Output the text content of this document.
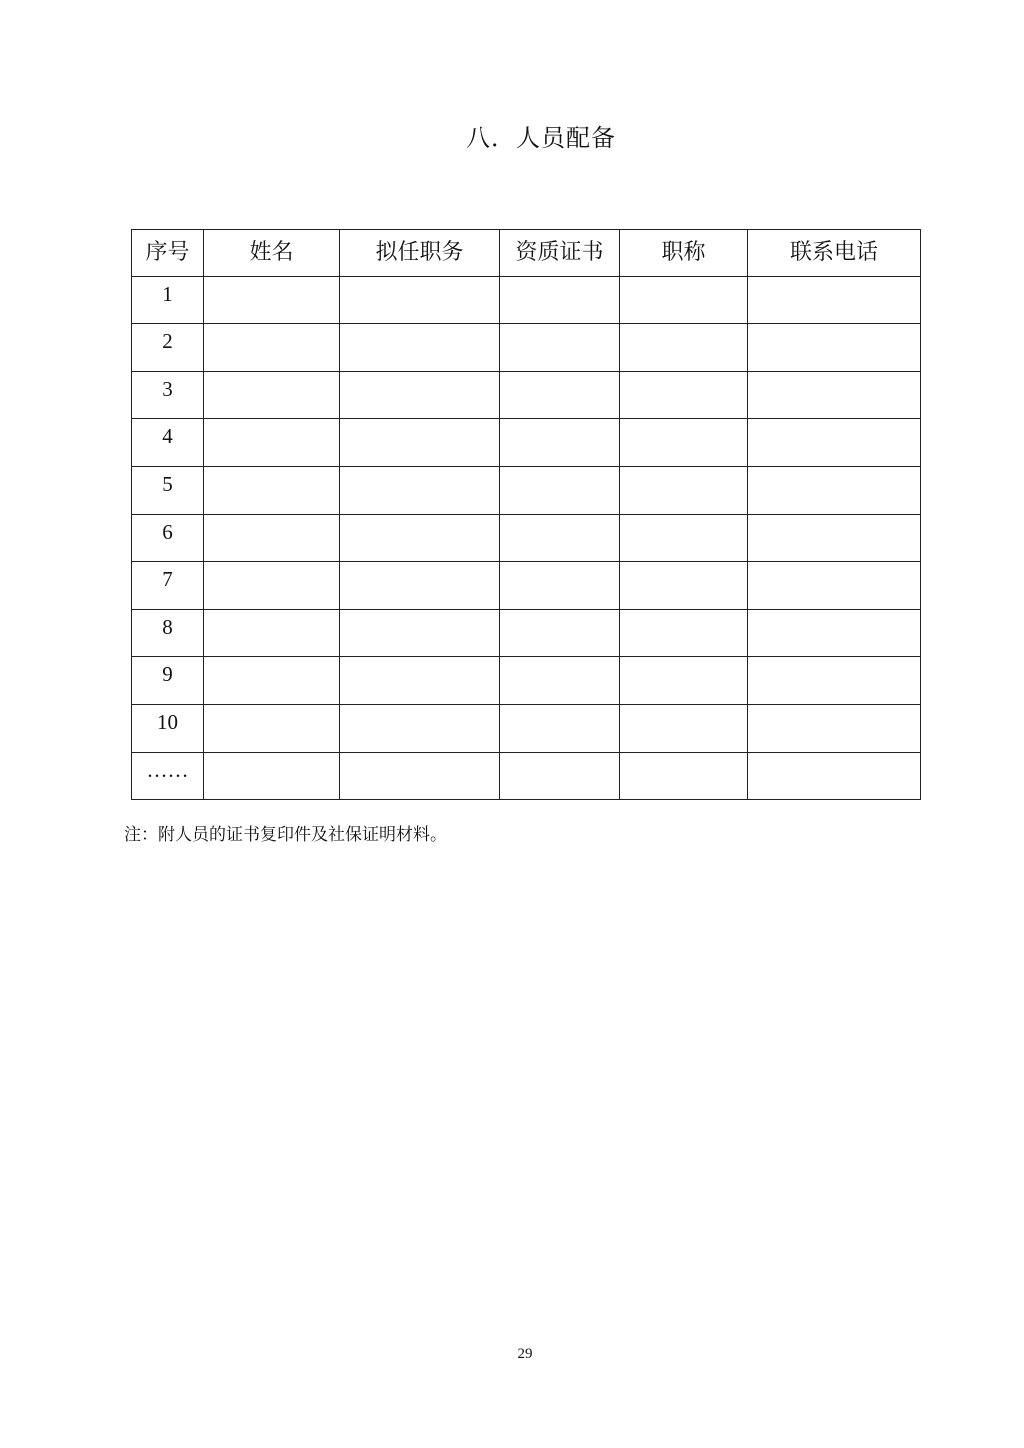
八．人员配备
序号	姓名	拟任职务	资质证书	职称	联系电话
1					
2					
3					
4					
5					
6					
7					
8					
9					
10					
……					
注：附人员的证书复印件及社保证明材料。
29
